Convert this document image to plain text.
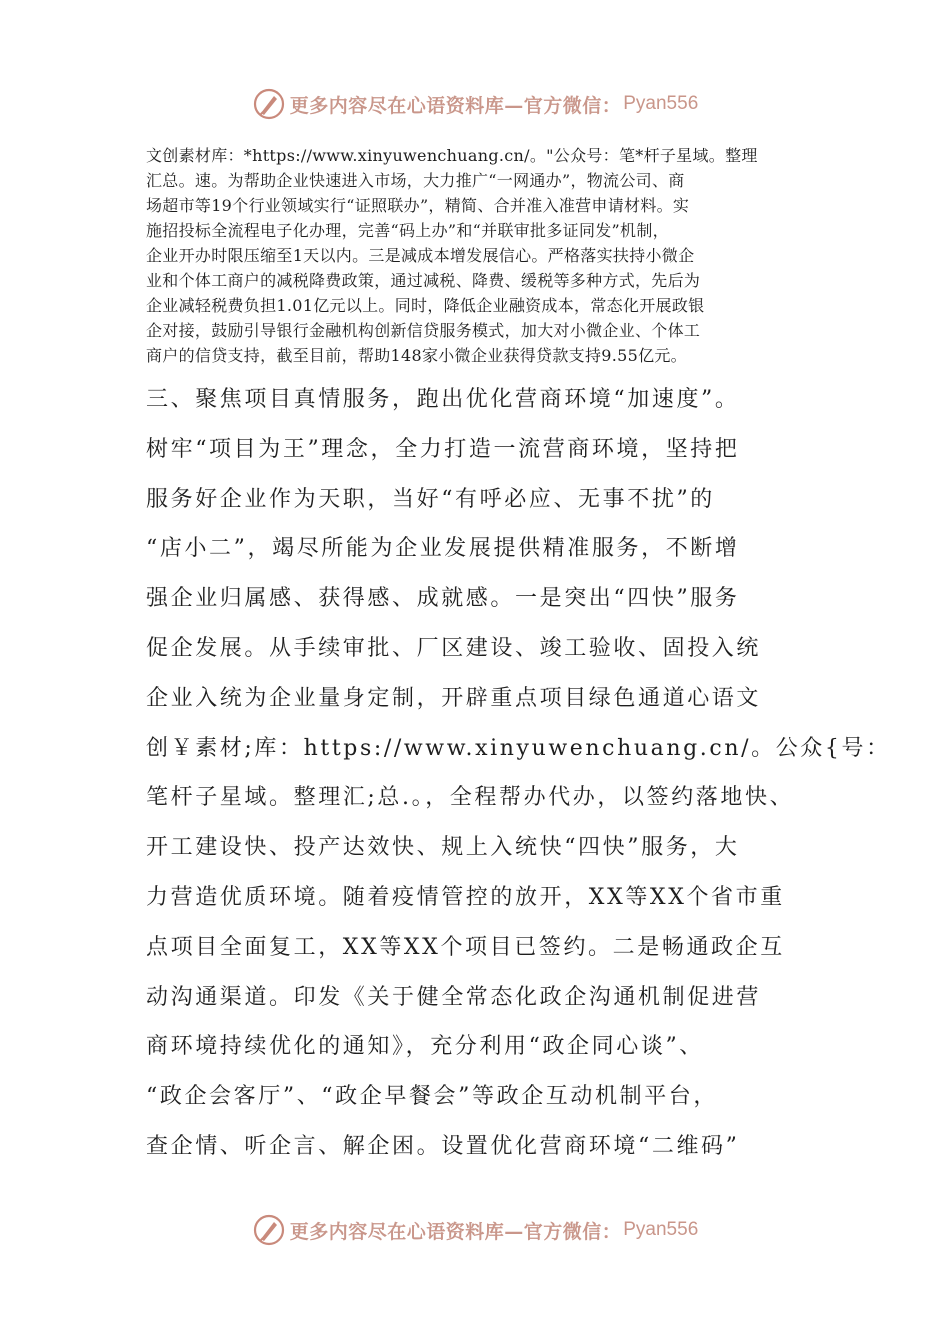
更多内容尽在心语资料库—官方微信： Pyan556
文创素材库：*https://www.xinyuwenchuang.cn/。"公众号：笔*杆子星域。整理
汇总。速。为帮助企业快速进入市场，大力推广“一网通办”，物流公司、商
场超市等19个行业领域实行“证照联办”，精简、合并准入准营申请材料。实
施招投标全流程电子化办理，完善“码上办”和“并联审批多证同发”机制，
企业开办时限压缩至1天以内。三是减成本增发展信心。严格落实扶持小微企
业和个体工商户的减税降费政策，通过减税、降费、缓税等多种方式，先后为
企业减轻税费负担1.01亿元以上。同时，降低企业融资成本，常态化开展政银
企对接，鼓励引导银行金融机构创新信贷服务模式，加大对小微企业、个体工
商户的信贷支持，截至目前，帮助148家小微企业获得贷款支持9.55亿元。
三、聚焦项目真情服务，跑出优化营商环境“加速度”。
树牢“项目为王”理念，全力打造一流营商环境，坚持把
服务好企业作为天职，当好“有呼必应、无事不扰”的
“店小二”，竭尽所能为企业发展提供精准服务，不断增
强企业归属感、获得感、成就感。一是突出“四快”服务
促企发展。从手续审批、厂区建设、竣工验收、固投入统
企业入统为企业量身定制，开辟重点项目绿色通道心语文
创￥素材;库：https://www.xinyuwenchuang.cn/。公众{号：
笔杆子星域。整理汇;总.。，全程帮办代办，以签约落地快、
开工建设快、投产达效快、规上入统快“四快”服务，大
力营造优质环境。随着疫情管控的放开，XX等XX个省市重
点项目全面复工，XX等XX个项目已签约。二是畅通政企互
动沟通渠道。印发《关于健全常态化政企沟通机制促进营
商环境持续优化的通知》，充分利用“政企同心谈”、
“政企会客厅”、“政企早餐会”等政企互动机制平台，
查企情、听企言、解企困。设置优化营商环境“二维码”
更多内容尽在心语资料库—官方微信： Pyan556
